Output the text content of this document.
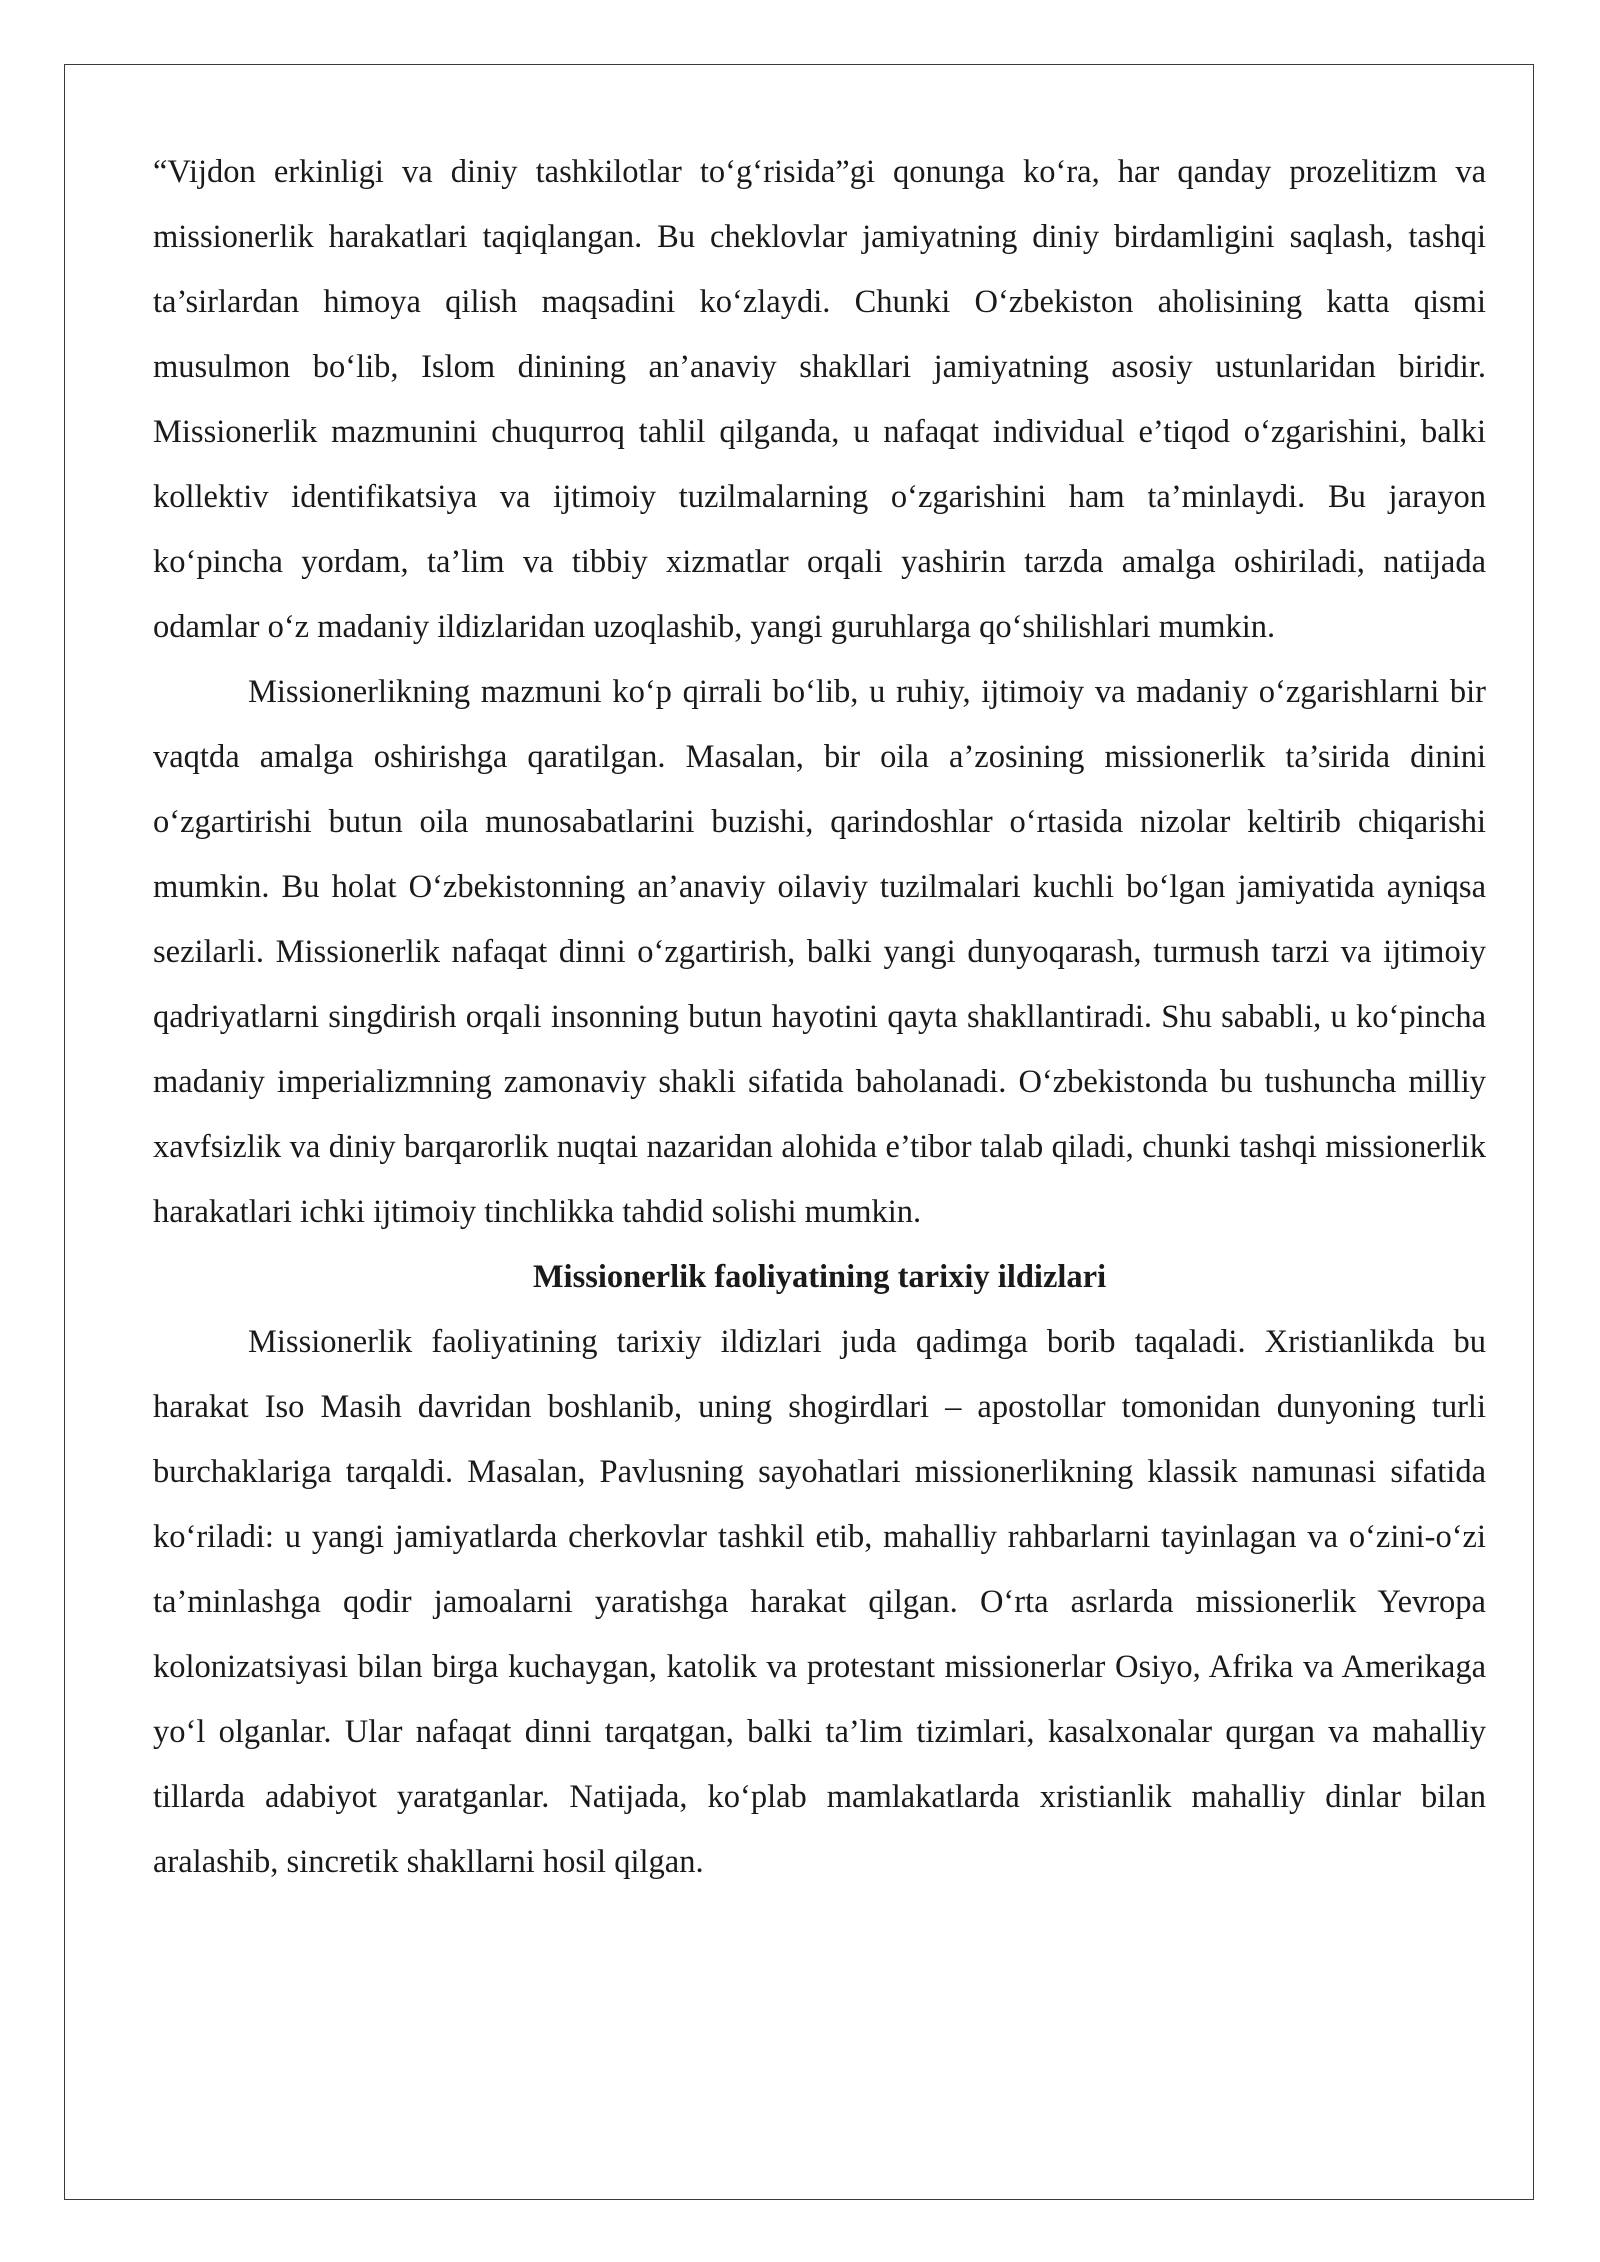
“Vijdon erkinligi va diniy tashkilotlar to‘g‘risida”gi qonunga ko‘ra, har qanday prozelitizm va missionerlik harakatlari taqiqlangan. Bu cheklovlar jamiyatning diniy birdamligini saqlash, tashqi ta’sirlardan himoya qilish maqsadini ko‘zlaydi. Chunki O‘zbekiston aholisining katta qismi musulmon bo‘lib, Islom dinining an’anaviy shakllari jamiyatning asosiy ustunlaridan biridir. Missionerlik mazmunini chuqurroq tahlil qilganda, u nafaqat individual e’tiqod o‘zgarishini, balki kollektiv identifikatsiya va ijtimoiy tuzilmalarning o‘zgarishini ham ta’minlaydi. Bu jarayon ko‘pincha yordam, ta’lim va tibbiy xizmatlar orqali yashirin tarzda amalga oshiriladi, natijada odamlar o‘z madaniy ildizlaridan uzoqlashib, yangi guruhlarga qo‘shilishlari mumkin.

Missionerlikning mazmuni ko‘p qirrali bo‘lib, u ruhiy, ijtimoiy va madaniy o‘zgarishlarni bir vaqtda amalga oshirishga qaratilgan. Masalan, bir oila a’zosining missionerlik ta’sirida dinini o‘zgartirishi butun oila munosabatlarini buzishi, qarindoshlar o‘rtasida nizolar keltirib chiqarishi mumkin. Bu holat O‘zbekistonning an’anaviy oilaviy tuzilmalari kuchli bo‘lgan jamiyatida ayniqsa sezilarli. Missionerlik nafaqat dinni o‘zgartirish, balki yangi dunyoqarash, turmush tarzi va ijtimoiy qadriyatlarni singdirish orqali insonning butun hayotini qayta shakllantiradi. Shu sababli, u ko‘pincha madaniy imperializmning zamonaviy shakli sifatida baholanadi. O‘zbekistonda bu tushuncha milliy xavfsizlik va diniy barqarorlik nuqtai nazaridan alohida e’tibor talab qiladi, chunki tashqi missionerlik harakatlari ichki ijtimoiy tinchlikka tahdid solishi mumkin.

Missionerlik faoliyatining tarixiy ildizlari

Missionerlik faoliyatining tarixiy ildizlari juda qadimga borib taqaladi. Xristianlikda bu harakat Iso Masih davridan boshlanib, uning shogirdlari – apostollar tomonidan dunyoning turli burchaklariga tarqaldi. Masalan, Pavlusning sayohatlari missionerlikning klassik namunasi sifatida ko‘riladi: u yangi jamiyatlarda cherkovlar tashkil etib, mahalliy rahbarlarni tayinlagan va o‘zini-o‘zi ta’minlashga qodir jamoalarni yaratishga harakat qilgan. O‘rta asrlarda missionerlik Yevropa kolonizatsiyasi bilan birga kuchaygan, katolik va protestant missionerlar Osiyo, Afrika va Amerikaga yo‘l olganlar. Ular nafaqat dinni tarqatgan, balki ta’lim tizimlari, kasalxonalar qurgan va mahalliy tillarda adabiyot yaratganlar. Natijada, ko‘plab mamlakatlarda xristianlik mahalliy dinlar bilan aralashib, sincretik shakllarni hosil qilgan.
